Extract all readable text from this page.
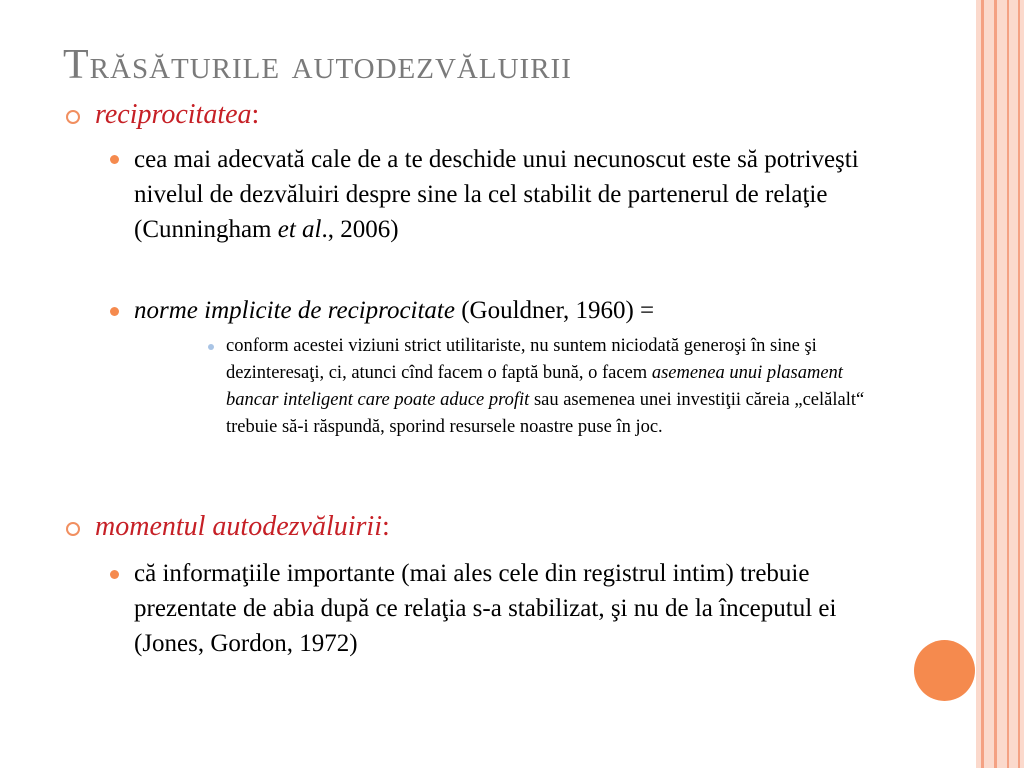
Trăsăturile autodezvăluirii
reciprocitatea:
cea mai adecvată cale de a te deschide unui necunoscut este să potriveşti nivelul de dezvăluiri despre sine la cel stabilit de partenerul de relaţie (Cunningham et al., 2006)
norme implicite de reciprocitate (Gouldner, 1960) =
conform acestei viziuni strict utilitariste, nu suntem niciodată generoşi în sine şi dezinteresaţi, ci, atunci cînd facem o faptă bună, o facem asemenea unui plasament bancar inteligent care poate aduce profit sau asemenea unei investiţii căreia „celălalt“ trebuie să-i răspundă, sporind resursele noastre puse în joc.
momentul autodezvăluirii:
că informaţiile importante (mai ales cele din registrul intim) trebuie prezentate de abia după ce relaţia s-a stabilizat, şi nu de la începutul ei (Jones, Gordon, 1972)
